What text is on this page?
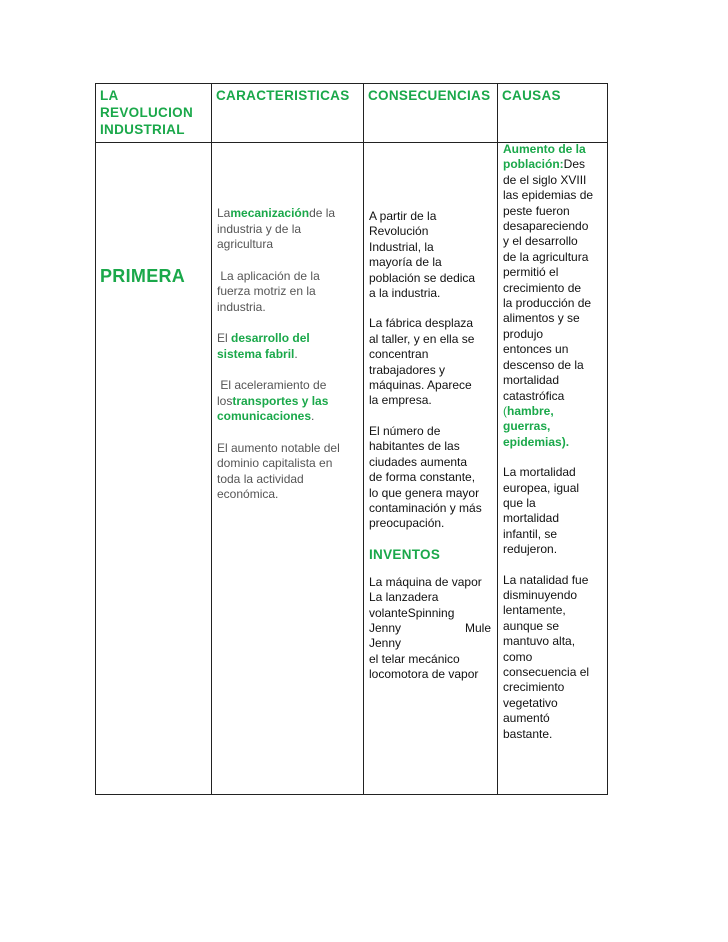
LA

REVOLUCION

INDUSTRIAL

CARACTERISTICAS	CONSECUENCIAS CAUSAS

PRIMERA

Lamecanizaciónde la

industria y de la

agricultura

La aplicación de la

fuerza motriz en la

industria.

El desarrollo del

sistema fabril.

El aceleramiento de

lostransportes y las

comunicaciones.

El aumento notable del

dominio capitalista en

toda la actividad

económica.

A partir de la

Revolución

Industrial, la

mayoría de la

población se dedica

a la industria.

La fábrica desplaza

al taller, y en ella se

concentran

trabajadores y

máquinas. Aparece

la empresa.

El número de

habitantes de las

ciudades aumenta

de forma constante,

lo que genera mayor

contaminación y más

preocupación.

INVENTOS

La máquina de vapor

La lanzadera

volanteSpinning

Jenny	Mule

Jenny

el telar mecánico

locomotora de vapor

Aumento de la

población:Des

de el siglo XVIII

las epidemias de

peste fueron

desapareciendo

y el desarrollo

de la agricultura

permitió el

crecimiento de

la producción de

alimentos y se

produjo

entonces un

descenso de la

mortalidad

catastrófica

(hambre,

guerras,

epidemias).

La mortalidad

europea, igual

que la

mortalidad

infantil, se

redujeron.

La natalidad fue

disminuyendo

lentamente,

aunque se

mantuvo alta,

como

consecuencia el

crecimiento

vegetativo

aumentó

bastante.
